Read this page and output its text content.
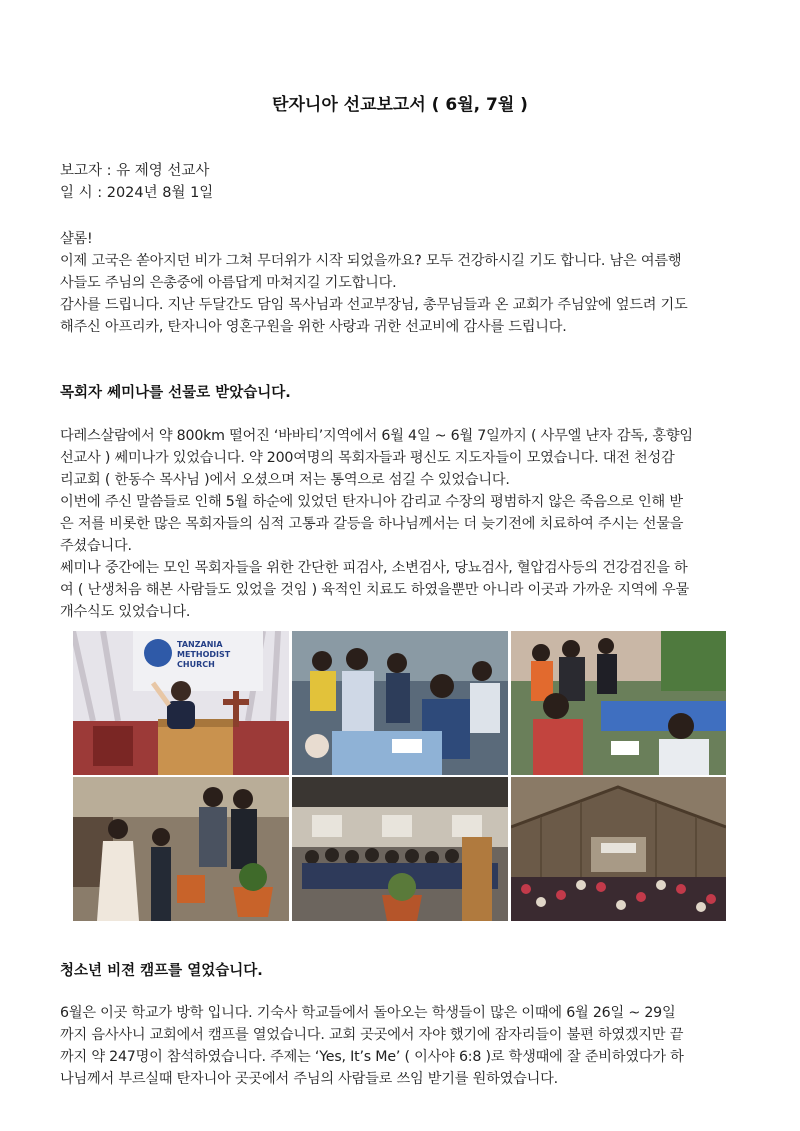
탄자니아 선교보고서 ( 6월, 7월 )
보고자 : 유 제영 선교사
일 시 : 2024년 8월 1일

샬롬!

이제 고국은 쏟아지던 비가 그쳐 무더위가 시작 되었을까요? 모두 건강하시길 기도 합니다. 남은 여름행

사들도 주님의 은총중에 아름답게 마쳐지길 기도합니다.

감사를 드립니다. 지난 두달간도 담임 목사님과 선교부장님, 총무님들과 온 교회가 주님앞에 엎드려 기도

해주신 아프리카, 탄자니아 영혼구원을 위한 사랑과 귀한 선교비에 감사를 드립니다.

목회자 쎄미나를 선물로 받았습니다.

다레스살람에서 약 800km 떨어진 ‘바바티’지역에서 6월 4일 ~ 6월 7일까지 ( 사무엘 냔자 감독, 홍향임

선교사 ) 쎄미나가 있었습니다. 약 200여명의 목회자들과 평신도 지도자들이 모였습니다. 대전 천성감

리교회 ( 한동수 목사님 )에서 오셨으며 저는 통역으로 섬길 수 있었습니다.

이번에 주신 말씀들로 인해 5월 하순에 있었던 탄자니아 감리교 수장의 평범하지 않은 죽음으로 인해 받

은 저를 비롯한 많은 목회자들의 심적 고통과 갈등을 하나님께서는 더 늦기전에 치료하여 주시는 선물을

주셨습니다.

쎄미나 중간에는 모인 목회자들을 위한 간단한 피검사, 소변검사, 당뇨검사, 혈압검사등의 건강검진을 하

여 ( 난생처음 해본 사람들도 있었을 것임 ) 육적인 치료도 하였을뿐만 아니라 이곳과 가까운 지역에 우물

개수식도 있었습니다.

TANZANIA
METHODIST
CHURCH
청소년 비젼 캠프를 열었습니다.

6월은 이곳 학교가 방학 입니다. 기숙사 학교들에서 돌아오는 학생들이 많은 이때에 6월 26일 ~ 29일

까지 음사사니 교회에서 캠프를 열었습니다. 교회 곳곳에서 자야 했기에 잠자리들이 불편 하였겠지만 끝

까지 약 247명이 참석하였습니다. 주제는 ‘Yes, It’s Me’ ( 이사야 6:8 )로 학생때에 잘 준비하였다가 하

나님께서 부르실때 탄자니아 곳곳에서 주님의 사람들로 쓰임 받기를 원하였습니다.
